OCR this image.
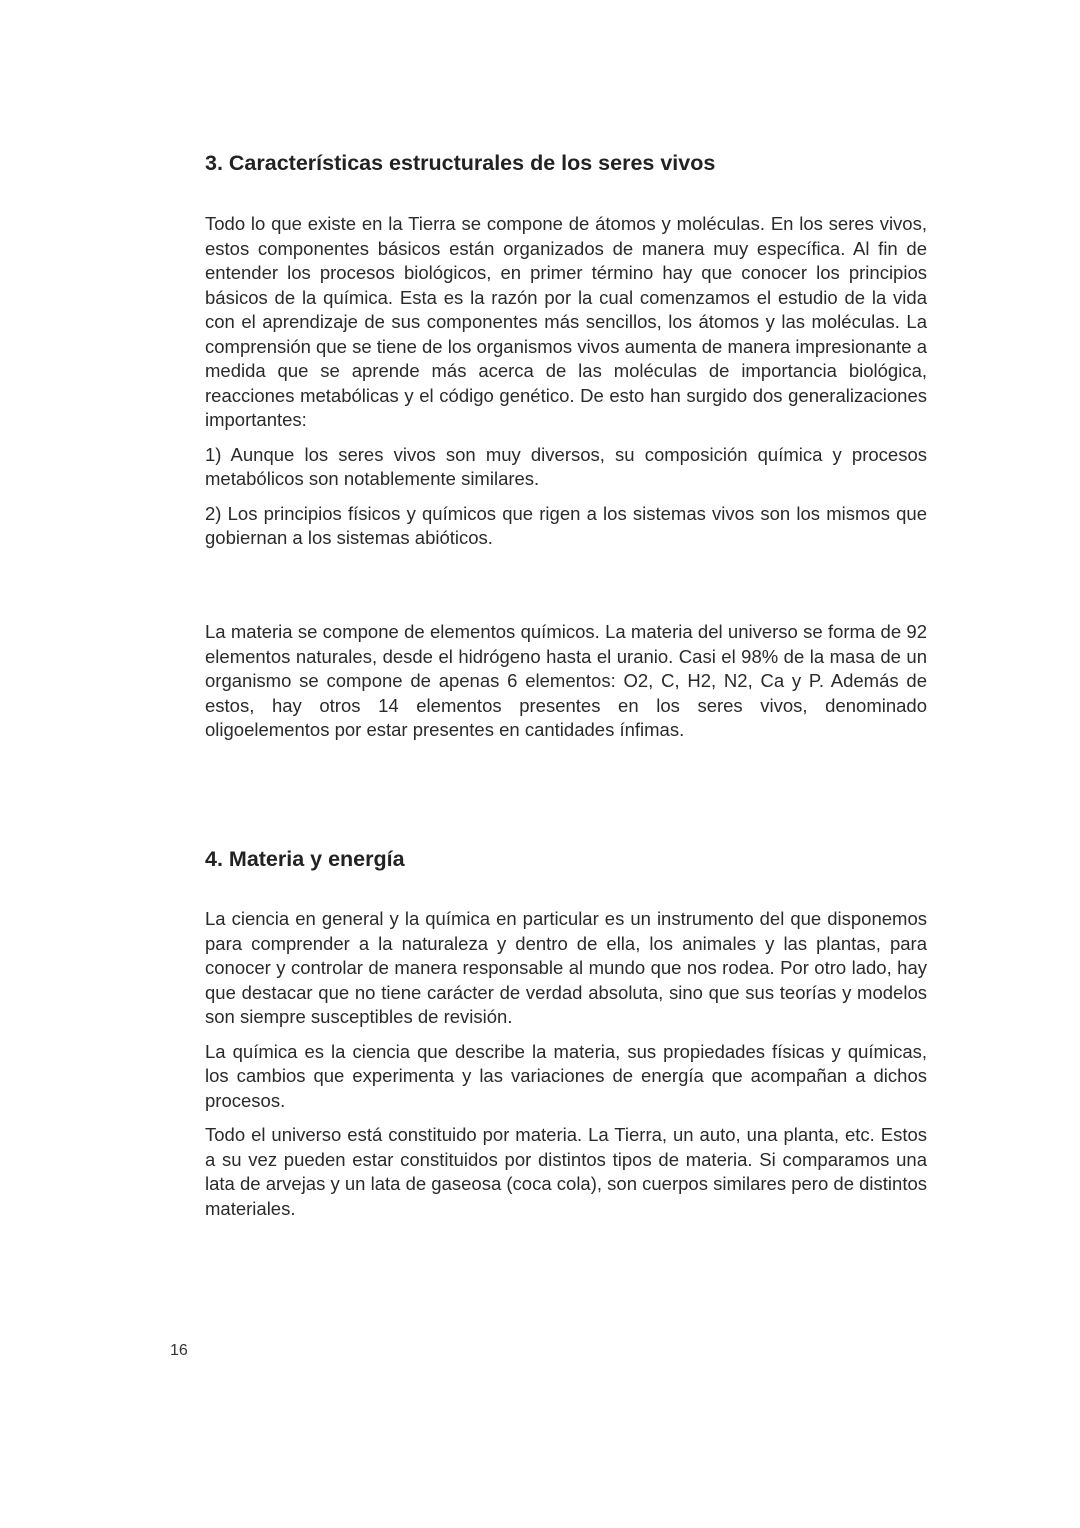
3. Características estructurales de los seres vivos

Todo lo que existe en la Tierra se compone de átomos y moléculas. En los seres vivos, estos componentes básicos están organizados de manera muy específica. Al fin de entender los procesos biológicos, en primer término hay que conocer los principios básicos de la química. Esta es la razón por la cual comenzamos el estudio de la vida con el aprendizaje de sus componentes más sencillos, los átomos y las moléculas. La comprensión que se tiene de los organismos vivos aumenta de manera impresionante a medida que se aprende más acerca de las moléculas de importancia biológica, reacciones metabólicas y el código genético. De esto han surgido dos generalizaciones importantes:

1) Aunque los seres vivos son muy diversos, su composición química y procesos metabólicos son notablemente similares.

2) Los principios físicos y químicos que rigen a los sistemas vivos son los mismos que gobiernan a los sistemas abióticos.

La materia se compone de elementos químicos. La materia del universo se forma de 92 elementos naturales, desde el hidrógeno hasta el uranio. Casi el 98% de la masa de un organismo se compone de apenas 6 elementos: O2, C, H2, N2, Ca y P. Además de estos, hay otros 14 elementos presentes en los seres vivos, denominado oligoelementos por estar presentes en cantidades ínfimas.

4. Materia y energía

La ciencia en general y la química en particular es un instrumento del que disponemos para comprender a la naturaleza y dentro de ella, los animales y las plantas, para conocer y controlar de manera responsable al mundo que nos rodea. Por otro lado, hay que destacar que no tiene carácter de verdad absoluta, sino que sus teorías y modelos son siempre susceptibles de revisión.

La química es la ciencia que describe la materia, sus propiedades físicas y químicas, los cambios que experimenta y las variaciones de energía que acompañan a dichos procesos.

Todo el universo está constituido por materia. La Tierra, un auto, una planta, etc. Estos a su vez pueden estar constituidos por distintos tipos de materia. Si comparamos una lata de arvejas y un lata de gaseosa (coca cola), son cuerpos similares pero de distintos materiales.

16
